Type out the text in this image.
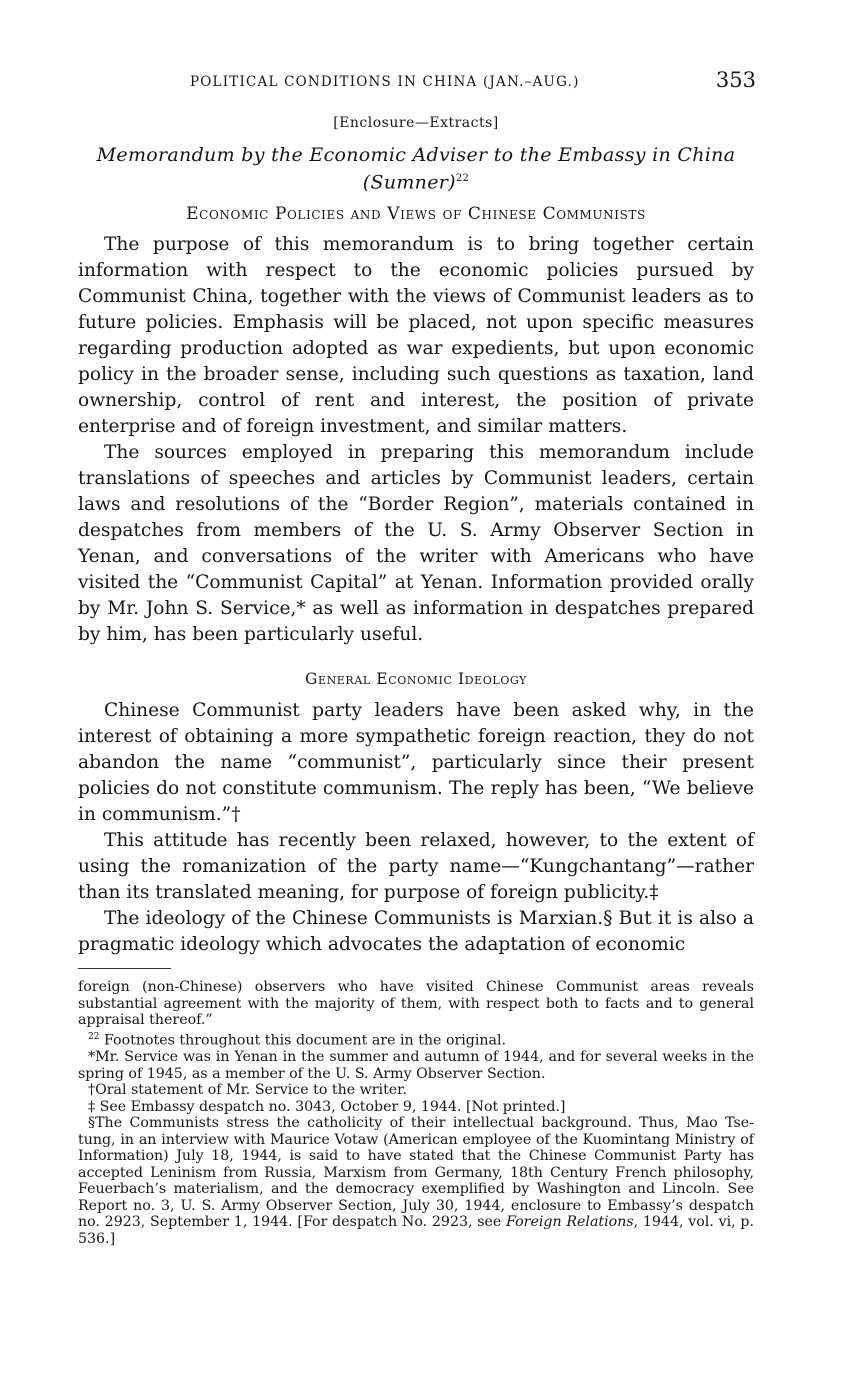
POLITICAL CONDITIONS IN CHINA (JAN.–AUG.)	353
[Enclosure—Extracts]
Memorandum by the Economic Adviser to the Embassy in China
(Sumner)$^{22}$
Economic Policies and Views of Chinese Communists

The purpose of this memorandum is to bring together certain information with respect to the economic policies pursued by Communist China, together with the views of Communist leaders as to future policies. Emphasis will be placed, not upon specific measures regarding production adopted as war expedients, but upon economic policy in the broader sense, including such questions as taxation, land ownership, control of rent and interest, the position of private enterprise and of foreign investment, and similar matters.

The sources employed in preparing this memorandum include translations of speeches and articles by Communist leaders, certain laws and resolutions of the “Border Region”, materials contained in despatches from members of the U. S. Army Observer Section in Yenan, and conversations of the writer with Americans who have visited the “Communist Capital” at Yenan. Information provided orally by Mr. John S. Service,* as well as information in despatches prepared by him, has been particularly useful.

General Economic Ideology

Chinese Communist party leaders have been asked why, in the interest of obtaining a more sympathetic foreign reaction, they do not abandon the name “communist”, particularly since their present policies do not constitute communism. The reply has been, “We believe in communism.”†

This attitude has recently been relaxed, however, to the extent of using the romanization of the party name—“Kungchantang”—rather than its translated meaning, for purpose of foreign publicity.‡

The ideology of the Chinese Communists is Marxian.§ But it is also a pragmatic ideology which advocates the adaptation of economic

foreign (non-Chinese) observers who have visited Chinese Communist areas reveals substantial agreement with the majority of them, with respect both to facts and to general appraisal thereof.”

$^{22}$ Footnotes throughout this document are in the original.

*Mr. Service was in Yenan in the summer and autumn of 1944, and for several weeks in the spring of 1945, as a member of the U. S. Army Observer Section.

†Oral statement of Mr. Service to the writer.

‡ See Embassy despatch no. 3043, October 9, 1944. [Not printed.]

§The Communists stress the catholicity of their intellectual background. Thus, Mao Tse-tung, in an interview with Maurice Votaw (American employee of the Kuomintang Ministry of Information) July 18, 1944, is said to have stated that the Chinese Communist Party has accepted Leninism from Russia, Marxism from Germany, 18th Century French philosophy, Feuerbach’s materialism, and the democracy exemplified by Washington and Lincoln. See Report no. 3, U. S. Army Observer Section, July 30, 1944, enclosure to Embassy’s despatch no. 2923, September 1, 1944. [For despatch No. 2923, see Foreign Relations, 1944, vol. vi, p. 536.]
